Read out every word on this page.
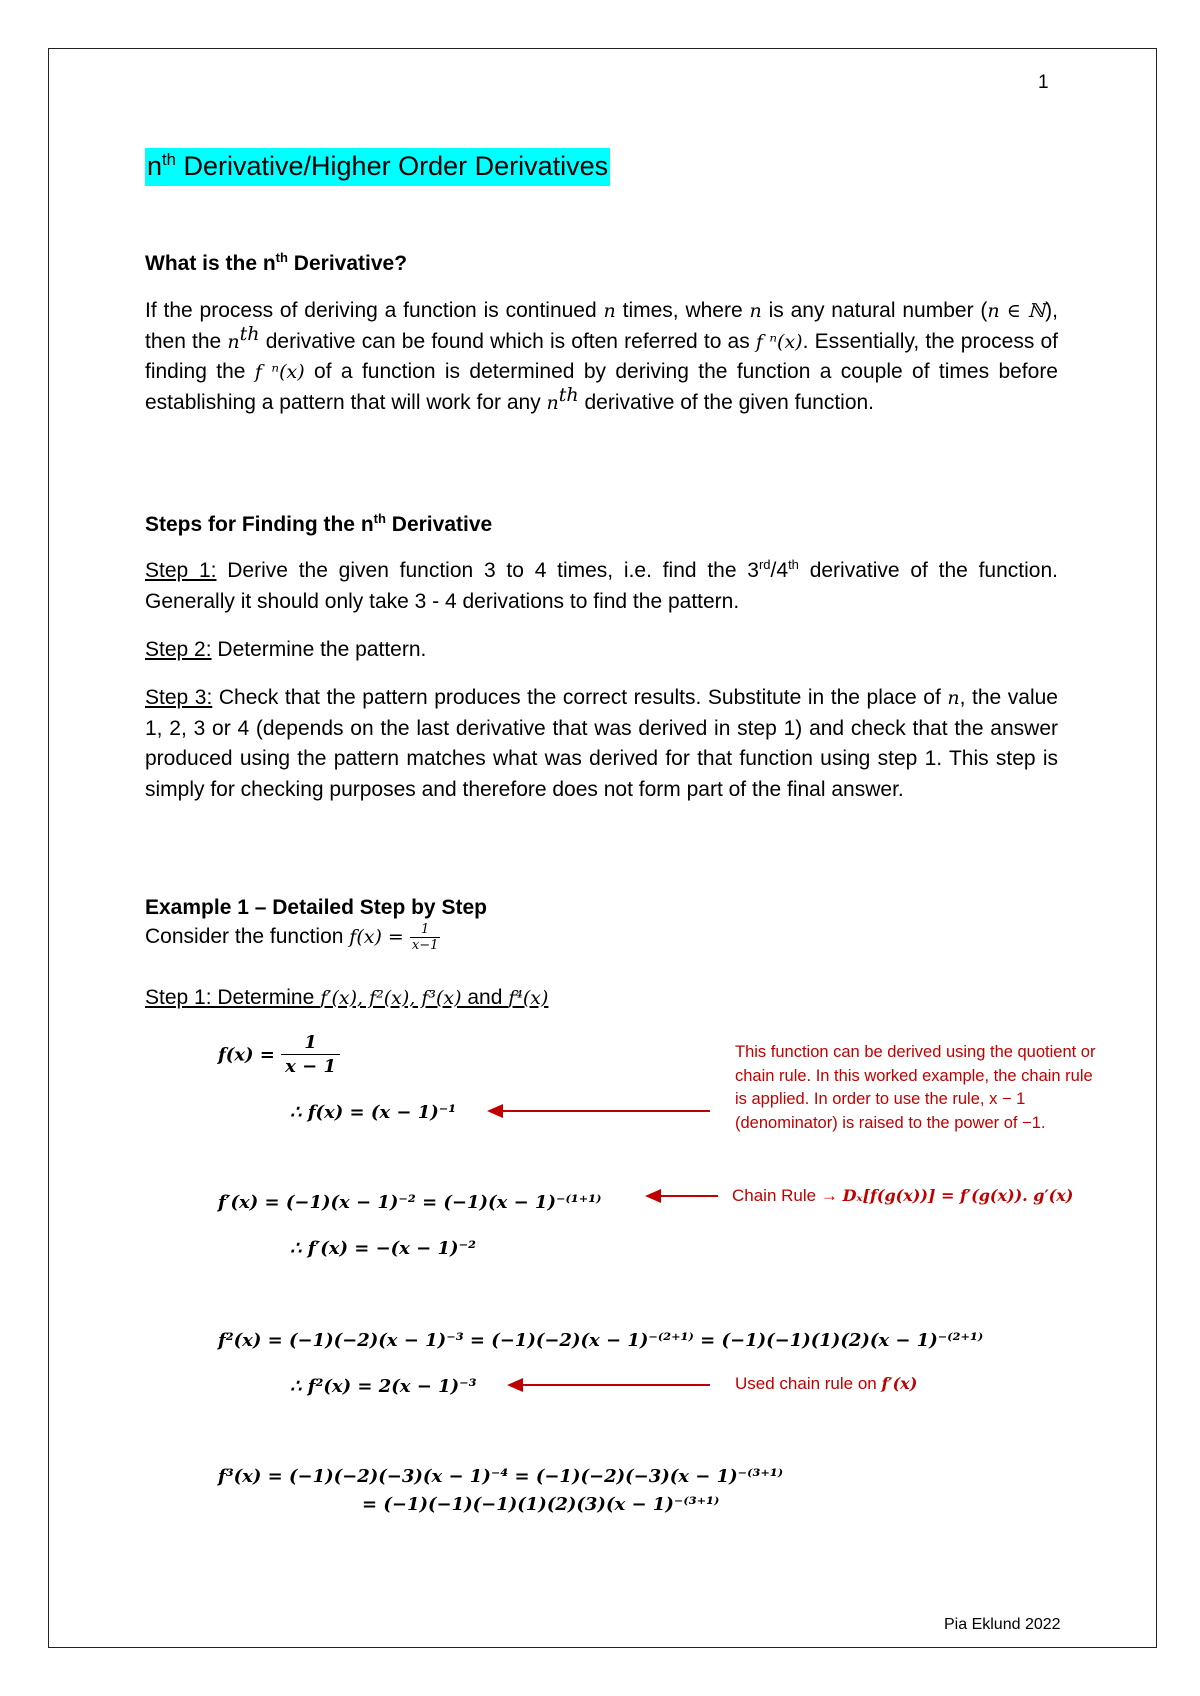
1
$n^{th}$ Derivative/Higher Order Derivatives
What is the $n^{th}$ Derivative?
If the process of deriving a function is continued n times, where n is any natural number (n ∈ ℕ), then the $n^{th}$ derivative can be found which is often referred to as f ⁿ(x). Essentially, the process of finding the f ⁿ(x) of a function is determined by deriving the function a couple of times before establishing a pattern that will work for any $n^{th}$ derivative of the given function.
Steps for Finding the $n^{th}$ Derivative
Step 1: Derive the given function 3 to 4 times, i.e. find the 3rd/4th derivative of the function. Generally it should only take 3 - 4 derivations to find the pattern.
Step 2: Determine the pattern.
Step 3: Check that the pattern produces the correct results. Substitute in the place of n, the value 1, 2, 3 or 4 (depends on the last derivative that was derived in step 1) and check that the answer produced using the pattern matches what was derived for that function using step 1. This step is simply for checking purposes and therefore does not form part of the final answer.
Example 1 – Detailed Step by Step
Consider the function $f(x) = \frac{1}{x-1}$
Step 1: Determine f′(x), f²(x), f³(x) and f⁴(x)
$f(x) = \frac{1}{x - 1}$
∴ f(x) = (x − 1)⁻¹
f′(x) = (−1)(x − 1)⁻² = (−1)(x − 1)⁻⁽¹⁺¹⁾
∴ f′(x) = −(x − 1)⁻²
f²(x) = (−1)(−2)(x − 1)⁻³ = (−1)(−2)(x − 1)⁻⁽²⁺¹⁾ = (−1)(−1)(1)(2)(x − 1)⁻⁽²⁺¹⁾
∴ f²(x) = 2(x − 1)⁻³
f³(x) = (−1)(−2)(−3)(x − 1)⁻⁴ = (−1)(−2)(−3)(x − 1)⁻⁽³⁺¹⁾
= (−1)(−1)(−1)(1)(2)(3)(x − 1)⁻⁽³⁺¹⁾
This function can be derived using the quotient or
chain rule. In this worked example, the chain rule
is applied. In order to use the rule, x − 1
(denominator) is raised to the power of −1.
Chain Rule → Dₓ[f(g(x))] = f′(g(x)). g′(x)
Used chain rule on f′(x)
Pia Eklund 2022
